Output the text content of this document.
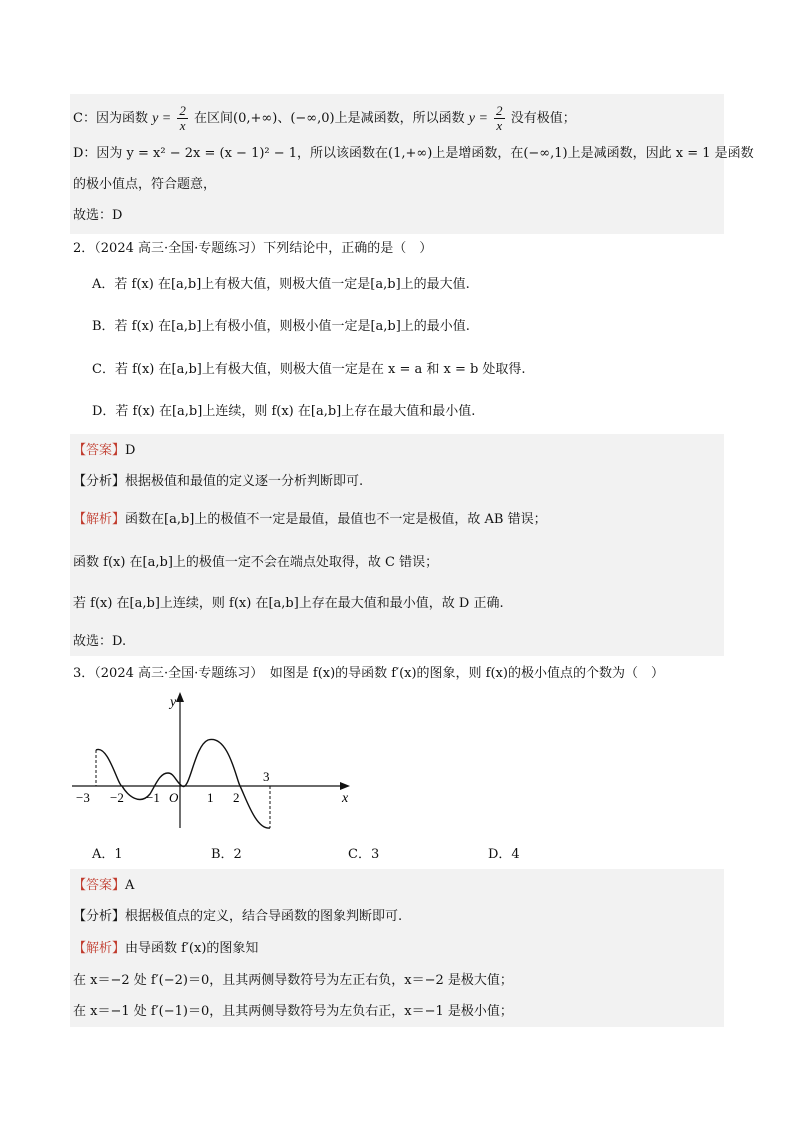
C：因为函数 $y = \frac{2}{x}$ 在区间(0,+∞)、(−∞,0)上是减函数，所以函数 $y = \frac{2}{x}$ 没有极值；
D：因为 y = x² − 2x = (x − 1)² − 1，所以该函数在(1,+∞)上是增函数，在(−∞,1)上是减函数，因此 x = 1 是函数
的极小值点，符合题意，
故选：D
2．（2024 高三·全国·专题练习）下列结论中，正确的是（　）
A．若 f(x) 在[a,b]上有极大值，则极大值一定是[a,b]上的最大值.
B．若 f(x) 在[a,b]上有极小值，则极小值一定是[a,b]上的最小值.
C．若 f(x) 在[a,b]上有极大值，则极大值一定是在 x = a 和 x = b 处取得.
D．若 f(x) 在[a,b]上连续，则 f(x) 在[a,b]上存在最大值和最小值.
【答案】D
【分析】根据极值和最值的定义逐一分析判断即可.
【解析】函数在[a,b]上的极值不一定是最值，最值也不一定是极值，故 AB 错误；
函数 f(x) 在[a,b]上的极值一定不会在端点处取得，故 C 错误；
若 f(x) 在[a,b]上连续，则 f(x) 在[a,b]上存在最大值和最小值，故 D 正确.
故选：D.
3．（2024 高三·全国·专题练习）　如图是 f(x)的导函数 f′(x)的图象，则 f(x)的极小值点的个数为（　）
y
x
O
−3 −2 −1	1 2
3
A．1	B．2	C．3	D．4
【答案】A
【分析】根据极值点的定义，结合导函数的图象判断即可.
【解析】由导函数 f′(x)的图象知
在 x＝−2 处 f′(−2)＝0，且其两侧导数符号为左正右负，x＝−2 是极大值；
在 x＝−1 处 f′(−1)＝0，且其两侧导数符号为左负右正，x＝−1 是极小值；
